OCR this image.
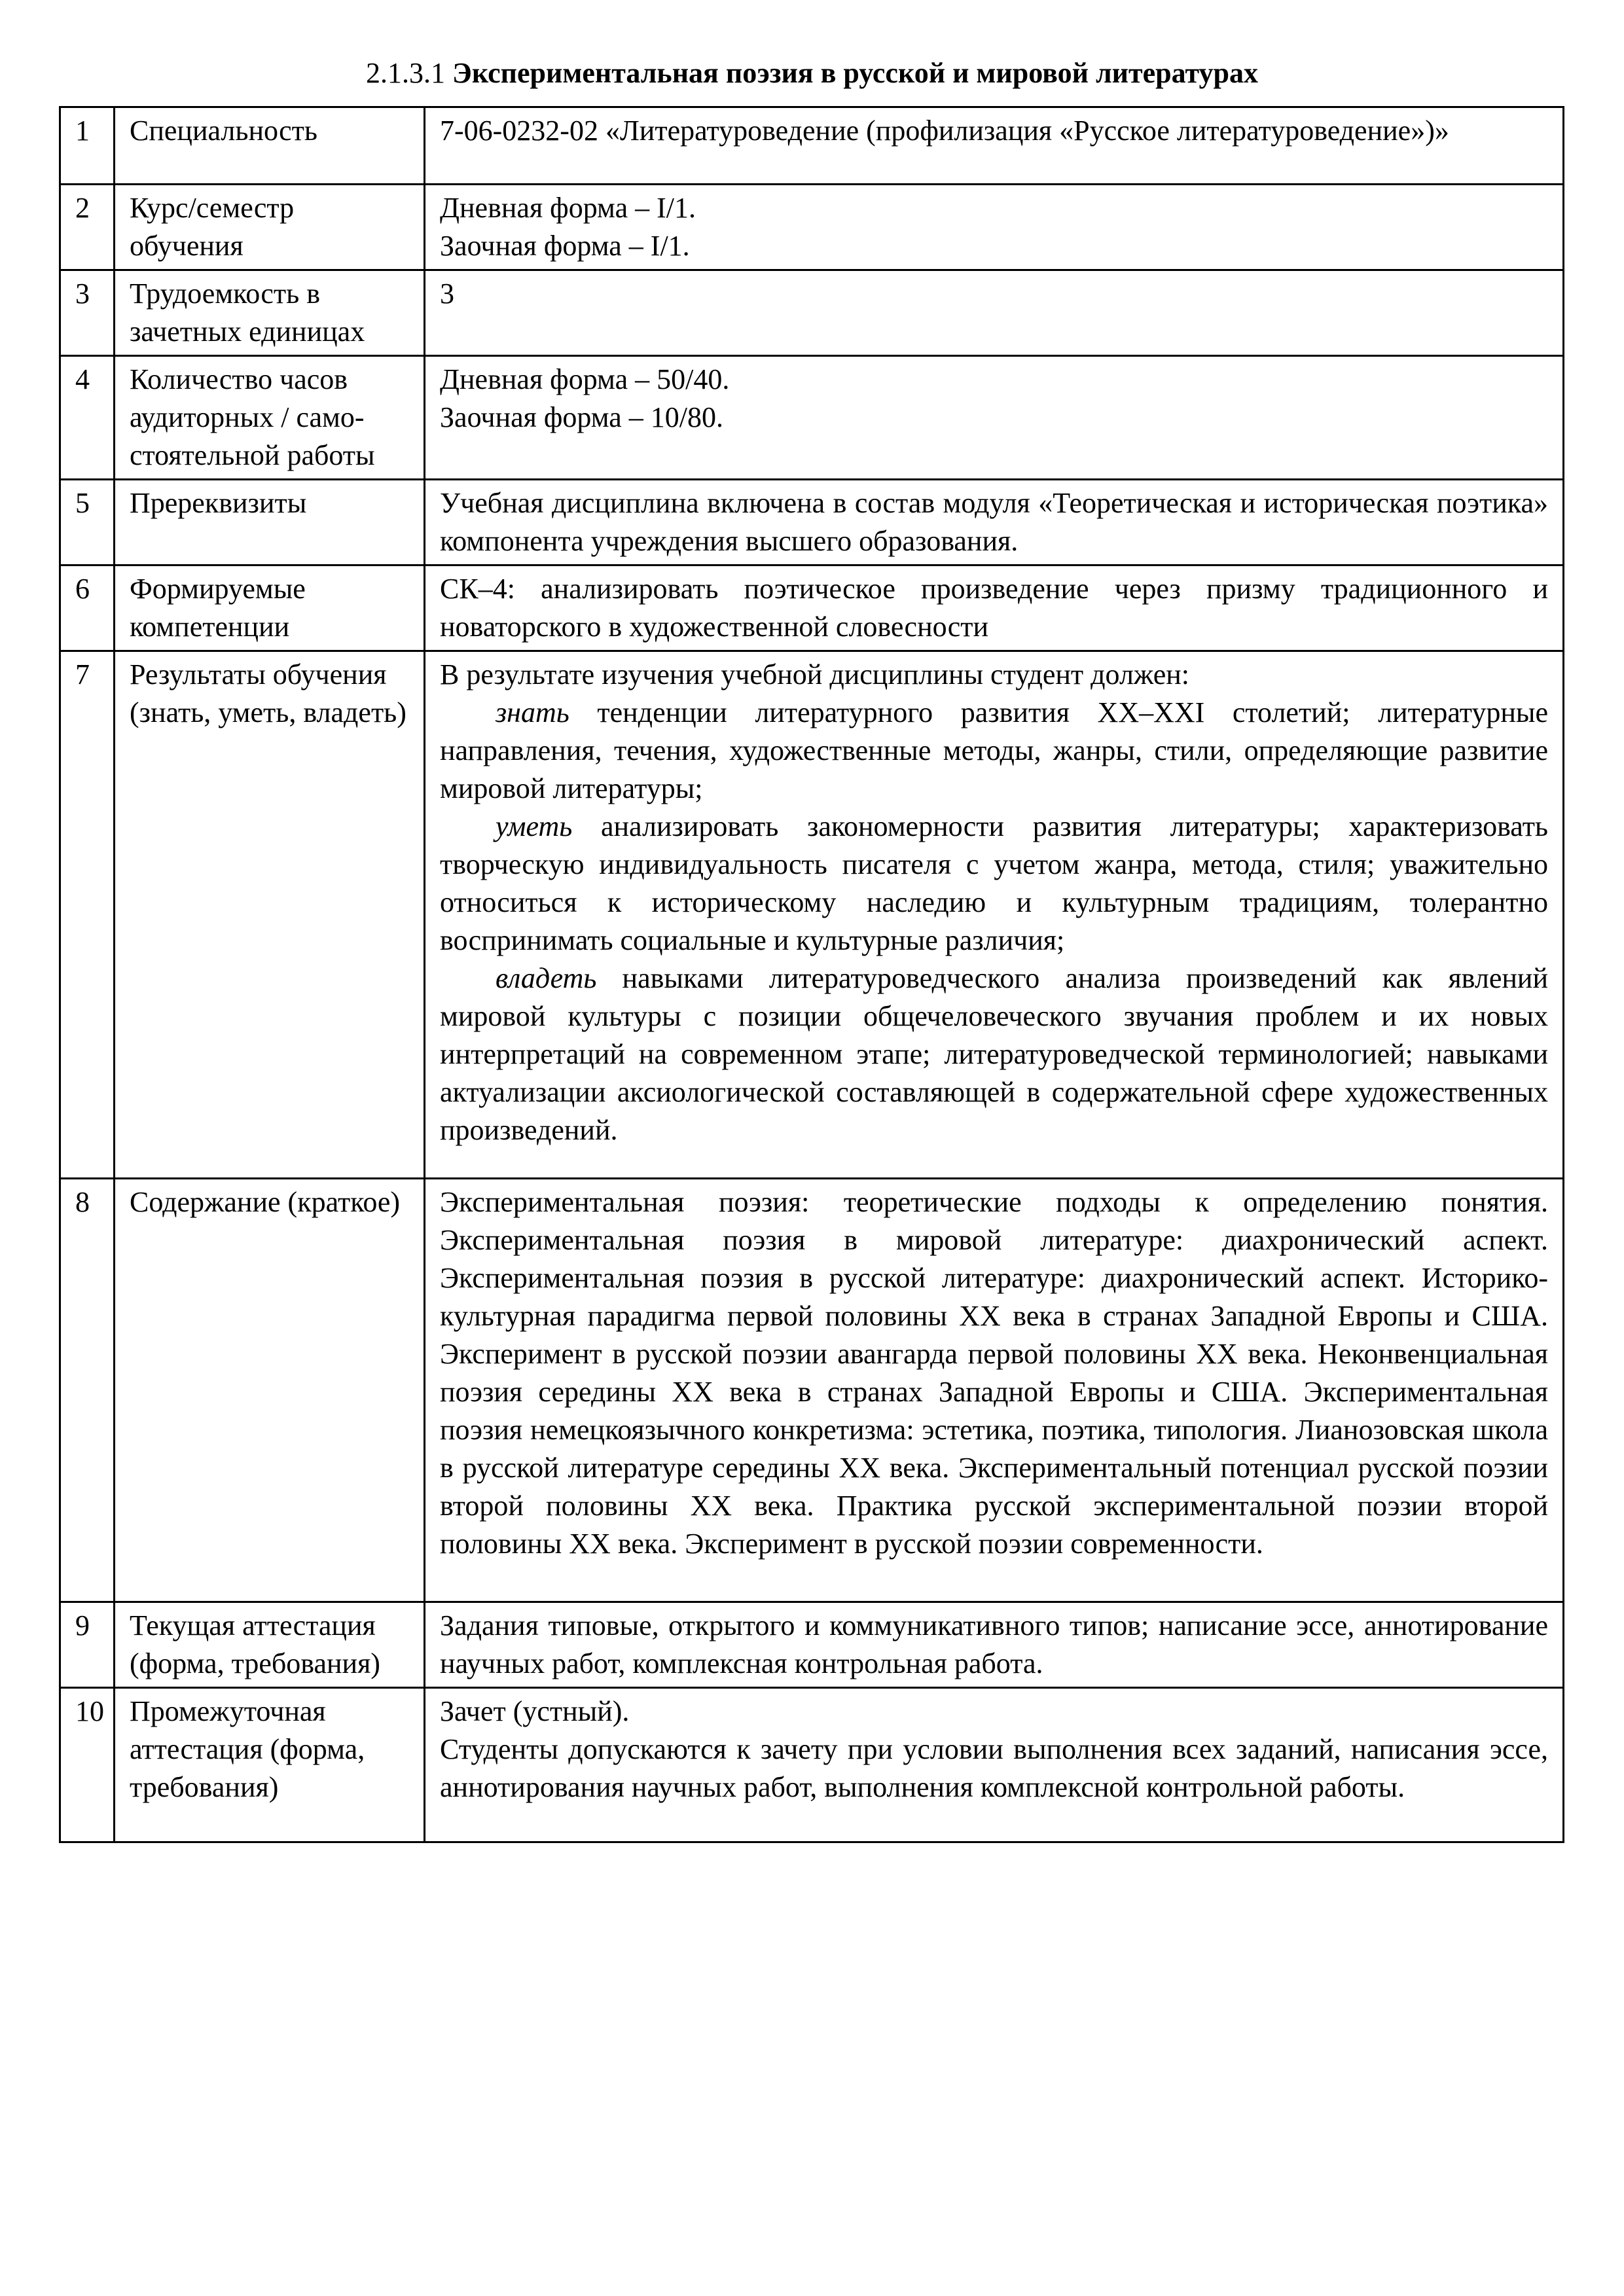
2.1.3.1 Экспериментальная поэзия в русской и мировой литературах
1	Специальность	7-06-0232-02 «Литературоведение (профилизация «Русское литературоведение»)»
2	Курс/семестр обучения	Дневная форма – I/1.
Заочная форма – I/1.

3	Трудоемкость в зачетных единицах	3
4	Количество часов аудиторных / само-стоятельной работы	Дневная форма – 50/40.
Заочная форма – 10/80.

5	Пререквизиты	Учебная дисциплина включена в состав модуля «Теоретическая и историческая поэтика» компонента учреждения высшего образования.
6	Формируемые компетенции	СК–4: анализировать поэтическое произведение через призму традиционного и новаторского в художественной словесности
7	Результаты обучения (знать, уметь, владеть)	В результате изучения учебной дисциплины студент должен:
знать тенденции литературного развития XX–XXI столетий; литературные направления, течения, художественные методы, жанры, стили, определяющие развитие мировой литературы;
уметь анализировать закономерности развития литературы; характеризовать творческую индивидуальность писателя с учетом жанра, метода, стиля; уважительно относиться к историческому наследию и культурным традициям, толерантно воспринимать социальные и культурные различия;
владеть навыками литературоведческого анализа произведений как явлений мировой культуры с позиции общечеловеческого звучания проблем и их новых интерпретаций на современном этапе; литературоведческой терминологией; навыками актуализации аксиологической составляющей в содержательной сфере художественных произведений.

8	Содержание (краткое)	Экспериментальная поэзия: теоретические подходы к определению понятия. Экспериментальная поэзия в мировой литературе: диахронический аспект. Экспериментальная поэзия в русской литературе: диахронический аспект. Историко-культурная парадигма первой половины XX века в странах Западной Европы и США. Эксперимент в русской поэзии авангарда первой половины XX века. Неконвенциальная поэзия середины XX века в странах Западной Европы и США. Экспериментальная поэзия немецкоязычного конкретизма: эстетика, поэтика, типология. Лианозовская школа в русской литературе середины XX века. Экспериментальный потенциал русской поэзии второй половины XX века. Практика русской экспериментальной поэзии второй половины XX века. Эксперимент в русской поэзии современности.
9	Текущая аттестация (форма, требования)	Задания типовые, открытого и коммуникативного типов; написание эссе, аннотирование научных работ, комплексная контрольная работа.
10	Промежуточная аттестация (форма, требования)	Зачет (устный).
Студенты допускаются к зачету при условии выполнения всех заданий, написания эссе, аннотирования научных работ, выполнения комплексной контрольной работы.
